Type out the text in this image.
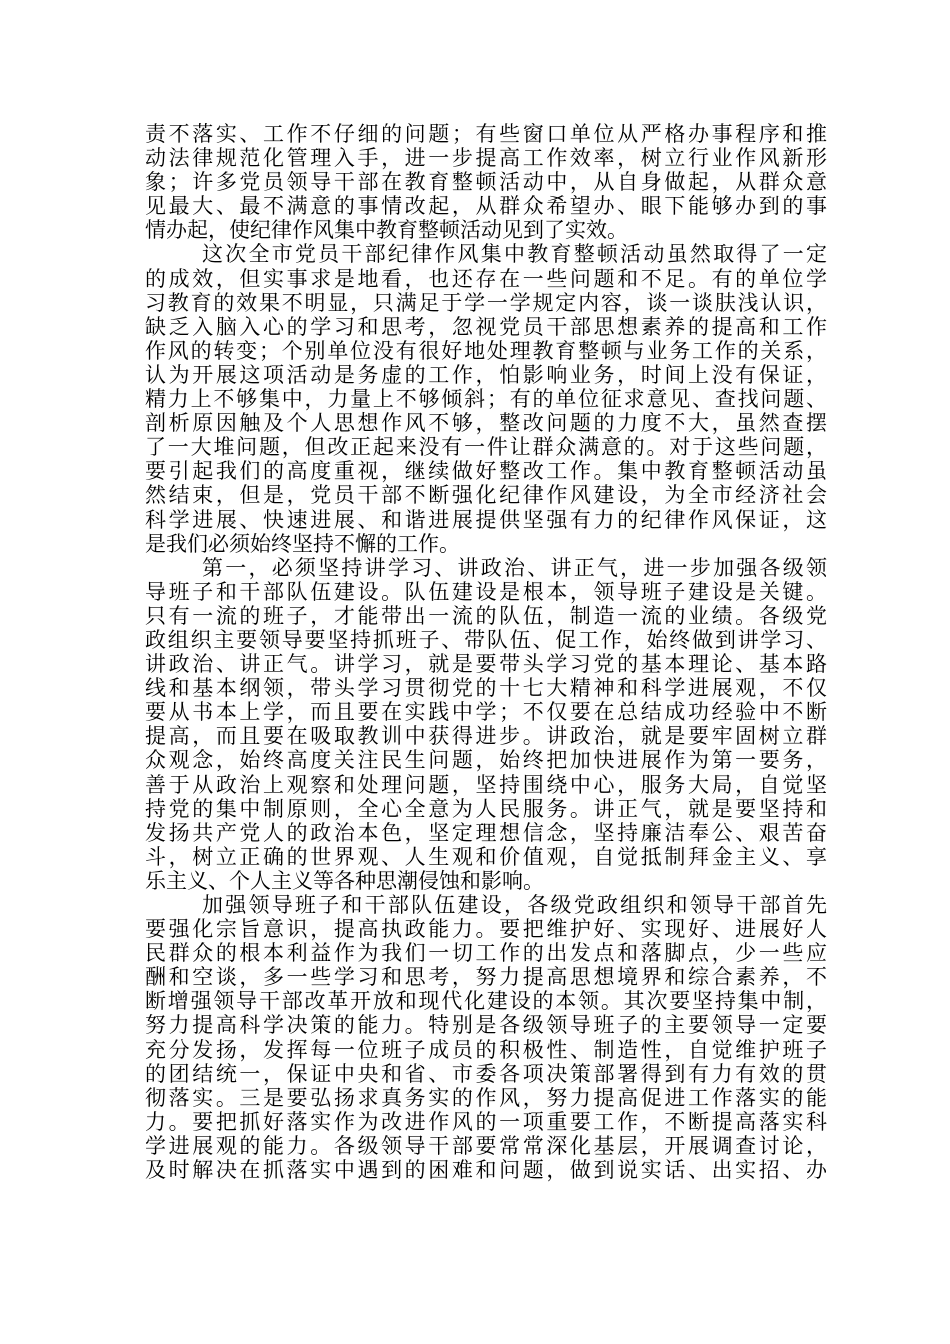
责不落实、工作不仔细的问题；有些窗口单位从严格办事程序和推
动法律规范化管理入手，进一步提高工作效率，树立行业作风新形
象；许多党员领导干部在教育整顿活动中，从自身做起，从群众意
见最大、最不满意的事情改起，从群众希望办、眼下能够办到的事
情办起，使纪律作风集中教育整顿活动见到了实效。
这次全市党员干部纪律作风集中教育整顿活动虽然取得了一定
的成效，但实事求是地看，也还存在一些问题和不足。有的单位学
习教育的效果不明显，只满足于学一学规定内容，谈一谈肤浅认识，
缺乏入脑入心的学习和思考，忽视党员干部思想素养的提高和工作
作风的转变；个别单位没有很好地处理教育整顿与业务工作的关系，
认为开展这项活动是务虚的工作，怕影响业务，时间上没有保证，
精力上不够集中，力量上不够倾斜；有的单位征求意见、查找问题、
剖析原因触及个人思想作风不够，整改问题的力度不大，虽然查摆
了一大堆问题，但改正起来没有一件让群众满意的。对于这些问题，
要引起我们的高度重视，继续做好整改工作。集中教育整顿活动虽
然结束，但是，党员干部不断强化纪律作风建设，为全市经济社会
科学进展、快速进展、和谐进展提供坚强有力的纪律作风保证，这
是我们必须始终坚持不懈的工作。
第一，必须坚持讲学习、讲政治、讲正气，进一步加强各级领
导班子和干部队伍建设。队伍建设是根本，领导班子建设是关键。
只有一流的班子，才能带出一流的队伍，制造一流的业绩。各级党
政组织主要领导要坚持抓班子、带队伍、促工作，始终做到讲学习、
讲政治、讲正气。讲学习，就是要带头学习党的基本理论、基本路
线和基本纲领，带头学习贯彻党的十七大精神和科学进展观，不仅
要从书本上学，而且要在实践中学；不仅要在总结成功经验中不断
提高，而且要在吸取教训中获得进步。讲政治，就是要牢固树立群
众观念，始终高度关注民生问题，始终把加快进展作为第一要务，
善于从政治上观察和处理问题，坚持围绕中心，服务大局，自觉坚
持党的集中制原则，全心全意为人民服务。讲正气，就是要坚持和
发扬共产党人的政治本色，坚定理想信念，坚持廉洁奉公、艰苦奋
斗，树立正确的世界观、人生观和价值观，自觉抵制拜金主义、享
乐主义、个人主义等各种思潮侵蚀和影响。
加强领导班子和干部队伍建设，各级党政组织和领导干部首先
要强化宗旨意识，提高执政能力。要把维护好、实现好、进展好人
民群众的根本利益作为我们一切工作的出发点和落脚点，少一些应
酬和空谈，多一些学习和思考，努力提高思想境界和综合素养，不
断增强领导干部改革开放和现代化建设的本领。其次要坚持集中制，
努力提高科学决策的能力。特别是各级领导班子的主要领导一定要
充分发扬，发挥每一位班子成员的积极性、制造性，自觉维护班子
的团结统一，保证中央和省、市委各项决策部署得到有力有效的贯
彻落实。三是要弘扬求真务实的作风，努力提高促进工作落实的能
力。要把抓好落实作为改进作风的一项重要工作，不断提高落实科
学进展观的能力。各级领导干部要常常深化基层，开展调查讨论，
及时解决在抓落实中遇到的困难和问题，做到说实话、出实招、办
